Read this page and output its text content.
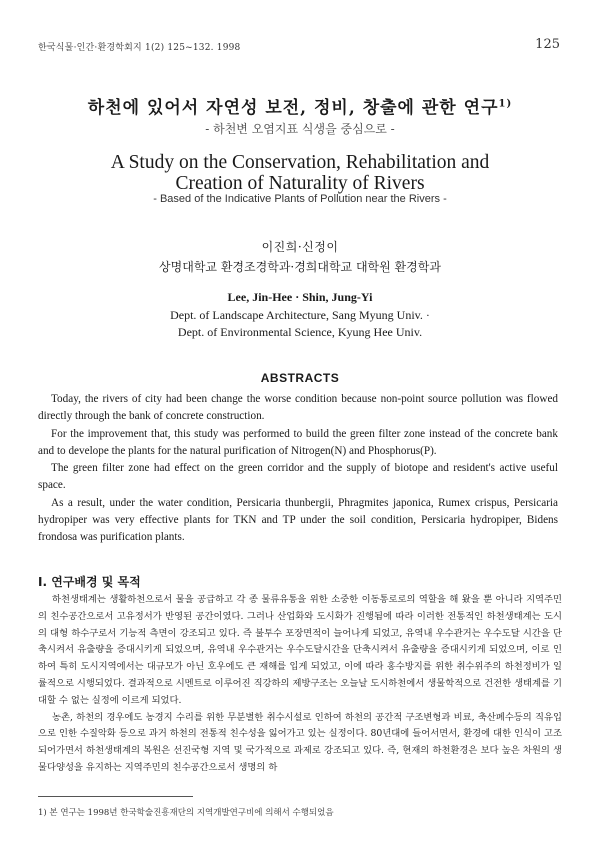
한국식물·인간·환경학회지 1(2) 125~132. 1998	125
하천에 있어서 자연성 보전, 정비, 창출에 관한 연구$^{1)}$
- 하천변 오염지표 식생을 중심으로 -
A Study on the Conservation, Rehabilitation and
Creation of Naturality of Rivers
- Based of the Indicative Plants of Pollution near the Rivers -
이진희·신정이
상명대학교 환경조경학과·경희대학교 대학원 환경학과
Lee, Jin-Hee · Shin, Jung-Yi
Dept. of Landscape Architecture, Sang Myung Univ. ·
Dept. of Environmental Science, Kyung Hee Univ.
ABSTRACTS

Today, the rivers of city had been change the worse condition because non-point source pollution was flowed directly through the bank of concrete construction.

For the improvement that, this study was performed to build the green filter zone instead of the concrete bank and to develope the plants for the natural purification of Nitrogen(N) and Phosphorus(P).

The green filter zone had effect on the green corridor and the supply of biotope and resident's active useful space.

As a result, under the water condition, Persicaria thunbergii, Phragmites japonica, Rumex crispus, Persicaria hydropiper was very effective plants for TKN and TP under the soil condition, Persicaria hydropiper, Bidens frondosa was purification plants.

I. 연구배경 및 목적

하천생태계는 생활하천으로서 물을 공급하고 각 종 물류유통을 위한 소중한 이동통로로의 역할을 해 왔을 뿐 아니라 지역주민의 친수공간으로서 고유정서가 반영된 공간이였다. 그러나 산업화와 도시화가 진행됨에 따라 이러한 전통적인 하천생태계는 도시의 대형 하수구로서 기능적 측면이 강조되고 있다. 즉 불투수 포장면적이 늘어나게 되었고, 유역내 우수관거는 우수도달 시간을 단축시켜서 유출량을 증대시키게 되었으며, 유역내 우수관거는 우수도달시간을 단축시켜서 유출량을 증대시키게 되었으며, 이로 인하여 특히 도시지역에서는 대규모가 아닌 호우에도 큰 재해를 입게 되었고, 이에 따라 홍수방지를 위한 취수위주의 하천정비가 일률적으로 시행되었다. 결과적으로 시멘트로 이루어진 직강하의 제방구조는 오늘날 도시하천에서 생물학적으로 건전한 생태계를 기대할 수 없는 실정에 이르게 되었다.

농촌, 하천의 경우에도 농경지 수리를 위한 무분별한 취수시설로 인하여 하천의 공간적 구조변형과 비료, 축산폐수등의 직유입으로 인한 수질악화 등으로 과거 하천의 전통적 친수성을 잃어가고 있는 실정이다. 80년대에 들어서면서, 환경에 대한 인식이 고조되어가면서 하천생태계의 복원은 선진국형 지역 및 국가적으로 과제로 강조되고 있다. 즉, 현재의 하천환경은 보다 높은 차원의 생물다양성을 유지하는 지역주민의 친수공간으로서 생명의 하

1) 본 연구는 1998년 한국학술진흥재단의 지역개발연구비에 의해서 수행되었음
